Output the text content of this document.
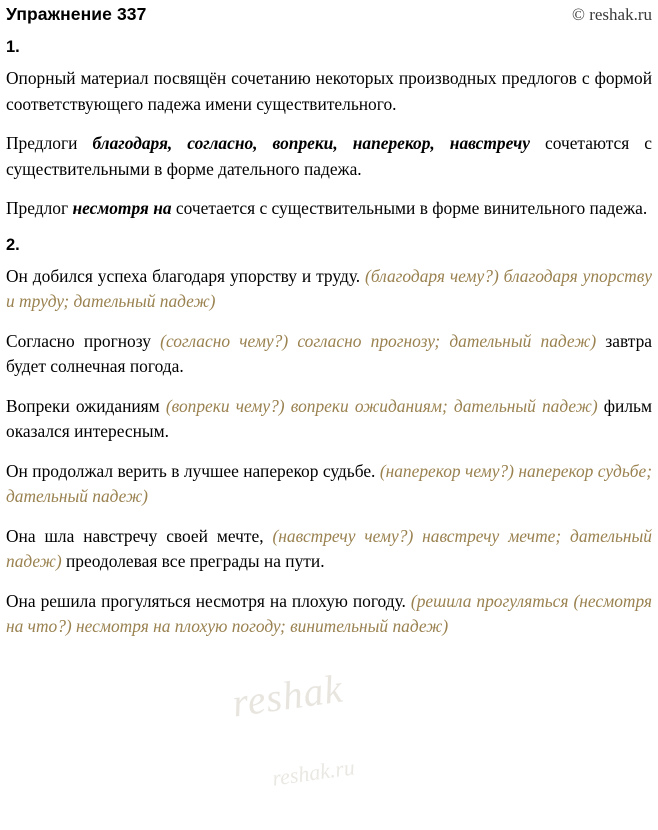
Упражнение 337	© reshak.ru
reshak
reshak.ru
1.

Опорный материал посвящён сочетанию некоторых производных предлогов с формой соответствующего падежа имени существительного.

Предлоги благодаря, согласно, вопреки, наперекор, навстречу сочетаются с существительными в форме дательного падежа.

Предлог несмотря на сочетается с существительными в форме винительного падежа.

2.

Он добился успеха благодаря упорству и труду. (благодаря чему?) благодаря упорству и труду; дательный падеж)

Согласно прогнозу (согласно чему?) согласно прогнозу; дательный падеж) завтра будет солнечная погода.

Вопреки ожиданиям (вопреки чему?) вопреки ожиданиям; дательный падеж) фильм оказался интересным.

Он продолжал верить в лучшее наперекор судьбе. (наперекор чему?) наперекор судьбе; дательный падеж)

Она шла навстречу своей мечте, (навстречу чему?) навстречу мечте; дательный падеж) преодолевая все преграды на пути.

Она решила прогуляться несмотря на плохую погоду. (решила прогуляться (несмотря на что?) несмотря на плохую погоду; винительный падеж)
